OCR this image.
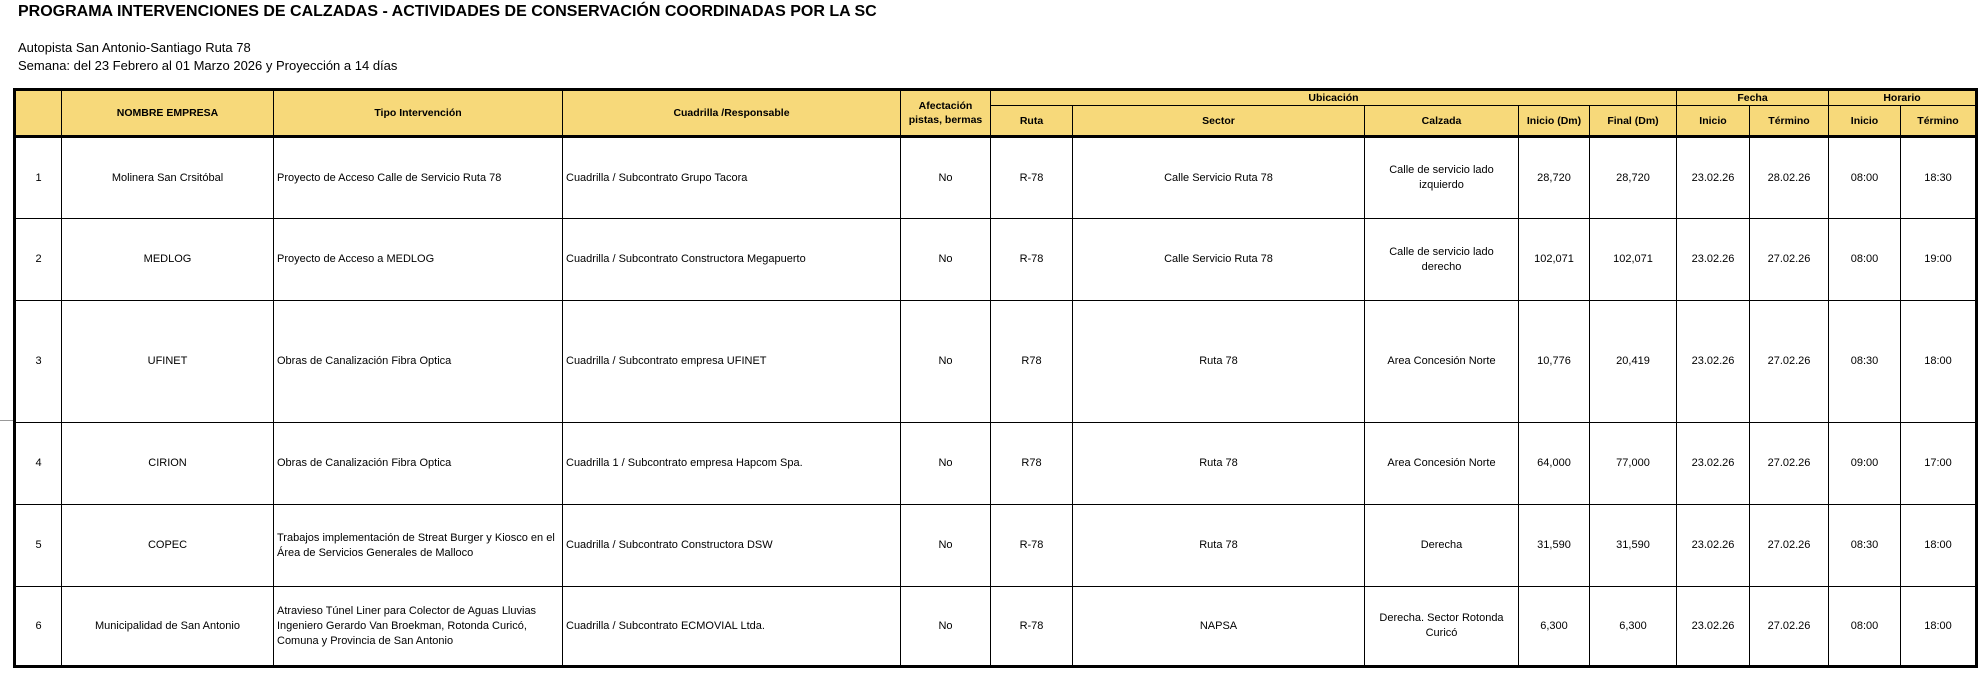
PROGRAMA INTERVENCIONES DE CALZADAS - ACTIVIDADES DE CONSERVACIÓN COORDINADAS POR LA SC
Autopista San Antonio-Santiago Ruta 78
Semana: del 23 Febrero al 01 Marzo 2026 y Proyección a 14 días
	NOMBRE EMPRESA	Tipo Intervención	Cuadrilla /Responsable	Afectación pistas, bermas	Ubicación					Fecha		Horario	
					Ruta	Sector	Calzada	Inicio (Dm)	Final (Dm)	Inicio	Término	Inicio	Término
1	Molinera San Crsitóbal	Proyecto de Acceso Calle de Servicio Ruta 78	Cuadrilla / Subcontrato Grupo Tacora	No	R-78	Calle Servicio Ruta 78	Calle de servicio lado izquierdo	28,720	28,720	23.02.26	28.02.26	08:00	18:30
2	MEDLOG	Proyecto de Acceso a MEDLOG	Cuadrilla / Subcontrato Constructora Megapuerto	No	R-78	Calle Servicio Ruta 78	Calle de servicio lado derecho	102,071	102,071	23.02.26	27.02.26	08:00	19:00
3	UFINET	Obras de Canalización Fibra Optica	Cuadrilla / Subcontrato empresa UFINET	No	R78	Ruta 78	Area Concesión Norte	10,776	20,419	23.02.26	27.02.26	08:30	18:00
4	CIRION	Obras de Canalización Fibra Optica	Cuadrilla 1 / Subcontrato empresa Hapcom Spa.	No	R78	Ruta 78	Area Concesión Norte	64,000	77,000	23.02.26	27.02.26	09:00	17:00
5	COPEC	Trabajos implementación de Streat Burger y Kiosco en el Área de Servicios Generales de Malloco	Cuadrilla / Subcontrato Constructora DSW	No	R-78	Ruta 78	Derecha	31,590	31,590	23.02.26	27.02.26	08:30	18:00
6	Municipalidad de San Antonio	Atravieso Túnel Liner para Colector de Aguas Lluvias Ingeniero Gerardo Van Broekman, Rotonda Curicó, Comuna y Provincia de San Antonio	Cuadrilla / Subcontrato ECMOVIAL Ltda.	No	R-78	NAPSA	Derecha. Sector Rotonda Curicó	6,300	6,300	23.02.26	27.02.26	08:00	18:00
